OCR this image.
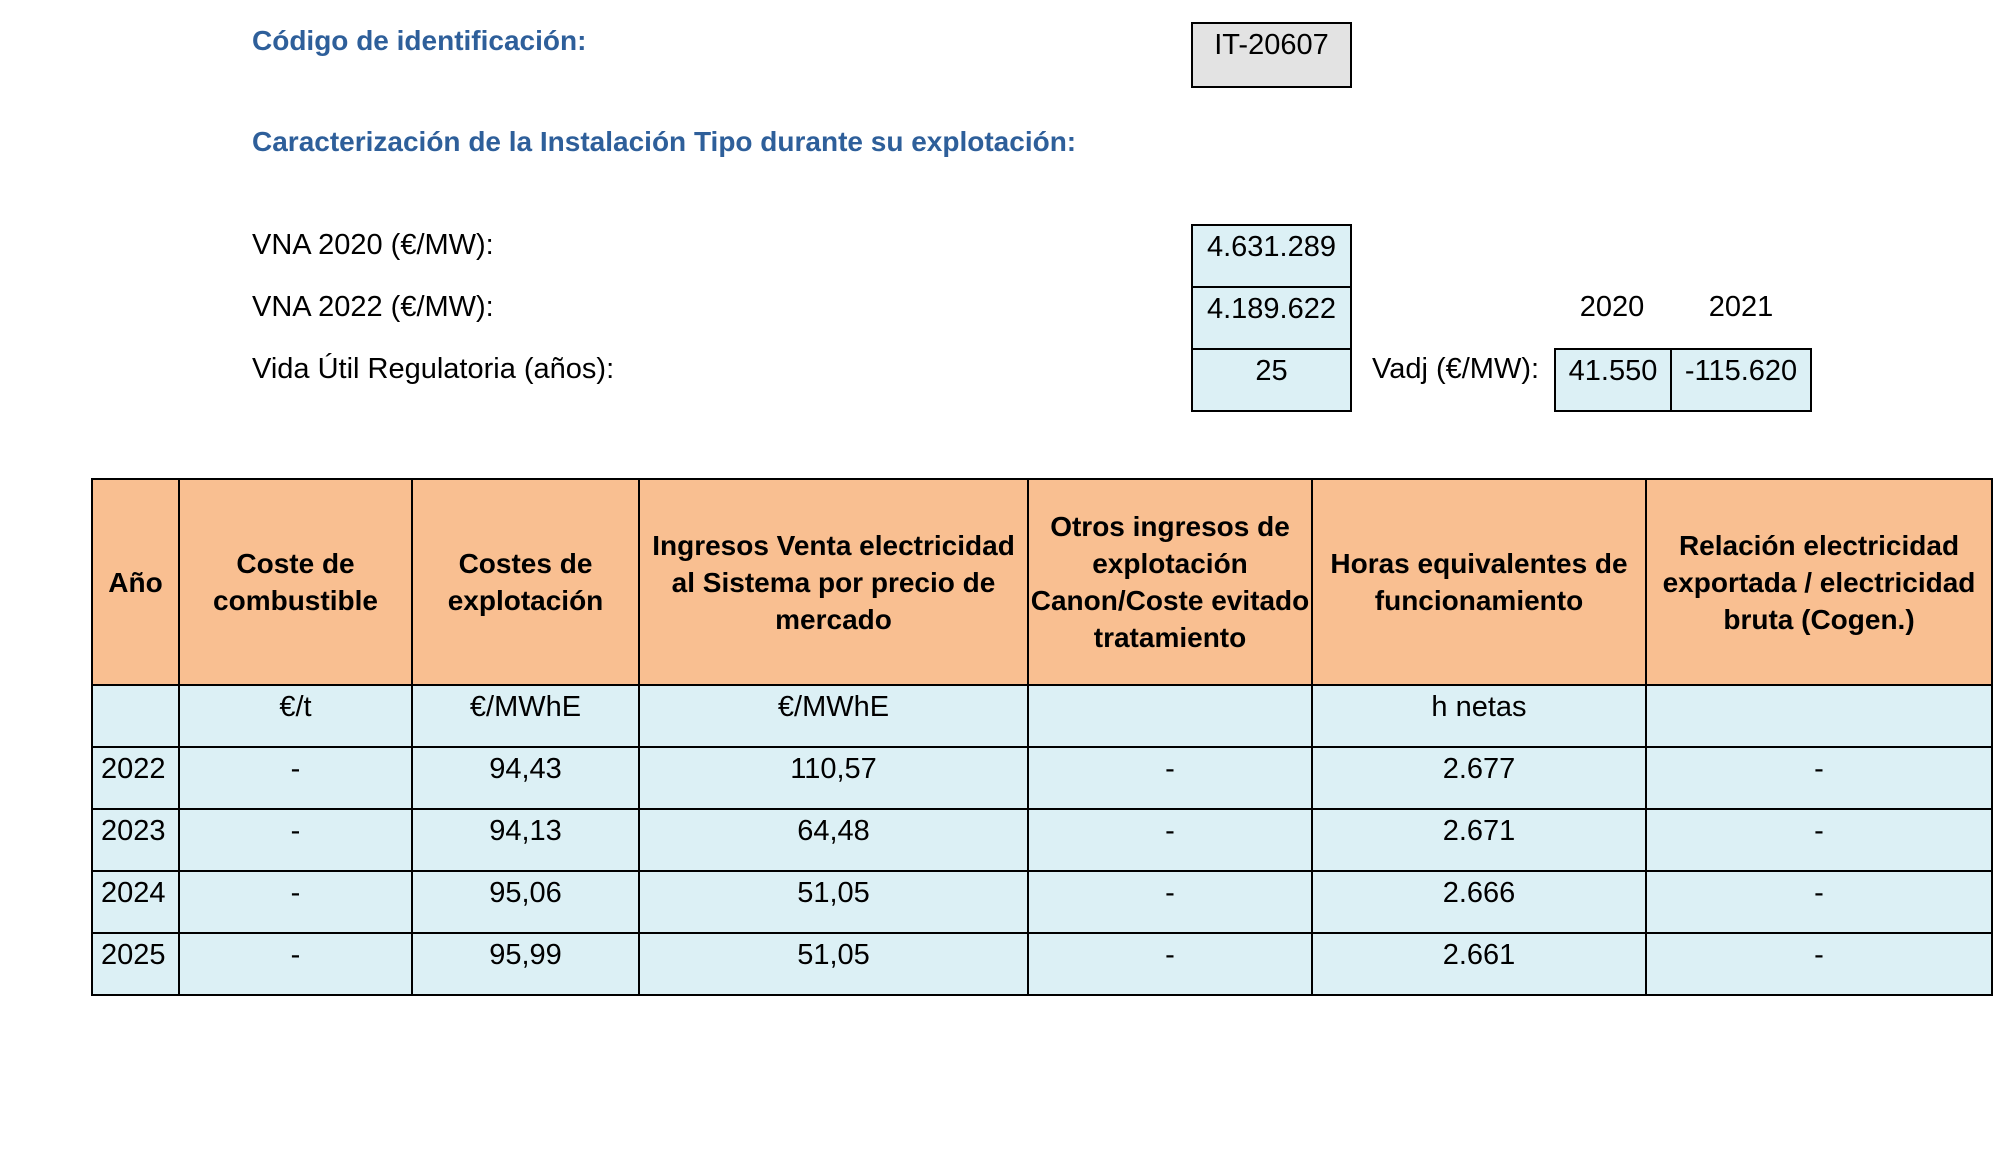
Código de identificación:	IT-20607
Caracterización de la Instalación Tipo durante su explotación:
VNA 2020 (€/MW):	4.631.289
VNA 2022 (€/MW):	4.189.622
Vida Útil Regulatoria (años):	25
2020	2021
Vadj (€/MW):	41.550 -115.620
Año	Coste de combustible	Costes de explotación	Ingresos Venta electricidad al Sistema por precio de mercado	Otros ingresos de explotación Canon/Coste evitado tratamiento	Horas equivalentes de funcionamiento	Relación electricidad exportada / electricidad bruta (Cogen.)
	€/t	€/MWhE	€/MWhE		h netas	
2022	-	94,43	110,57	-	2.677	-
2023	-	94,13	64,48	-	2.671	-
2024	-	95,06	51,05	-	2.666	-
2025	-	95,99	51,05	-	2.661	-
